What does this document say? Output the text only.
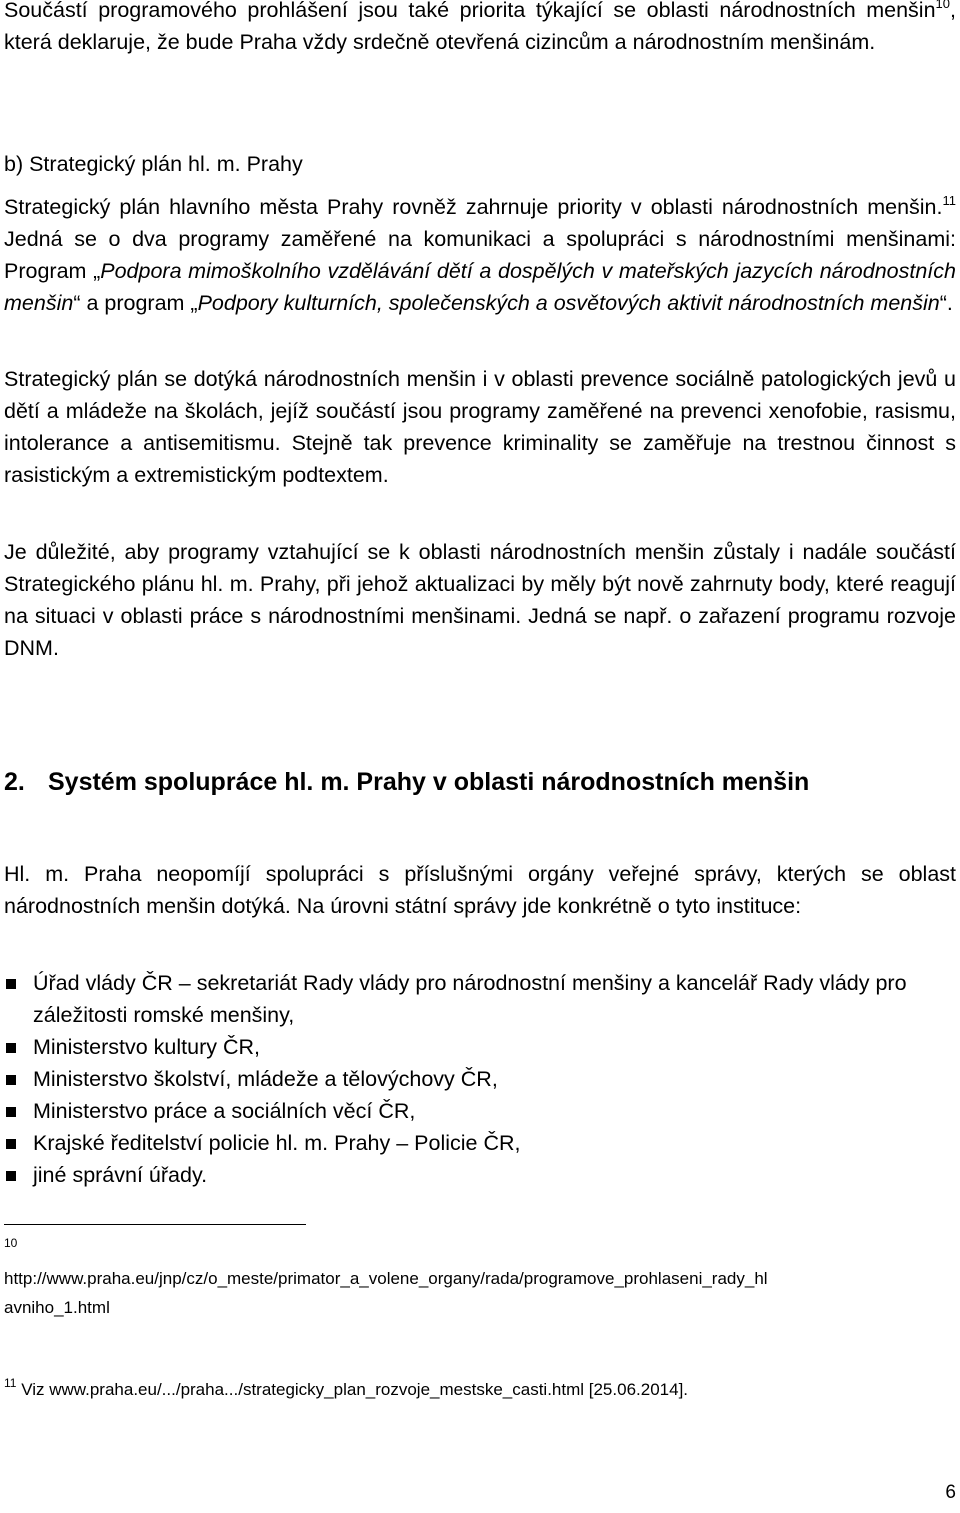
Součástí programového prohlášení jsou také priorita týkající se oblasti národnostních menšin$^{10}$, která deklaruje, že bude Praha vždy srdečně otevřená cizincům a národnostním menšinám.

b) Strategický plán hl. m. Prahy

Strategický plán hlavního města Prahy rovněž zahrnuje priority v oblasti národnostních menšin.$^{11}$ Jedná se o dva programy zaměřené na komunikaci a spolupráci s národnostními menšinami: Program „Podpora mimoškolního vzdělávání dětí a dospělých v mateřských jazycích národnostních menšin“ a program „Podpory kulturních, společenských a osvětových aktivit národnostních menšin“.

Strategický plán se dotýká národnostních menšin i v oblasti prevence sociálně patologických jevů u dětí a mládeže na školách, jejíž součástí jsou programy zaměřené na prevenci xenofobie, rasismu, intolerance a antisemitismu. Stejně tak prevence kriminality se zaměřuje na trestnou činnost s rasistickým a extremistickým podtextem.

Je důležité, aby programy vztahující se k oblasti národnostních menšin zůstaly i nadále součástí Strategického plánu hl. m. Prahy, při jehož aktualizaci by měly být nově zahrnuty body, které reagují na situaci v oblasti práce s národnostními menšinami. Jedná se např. o zařazení programu rozvoje DNM.

2. Systém spolupráce hl. m. Prahy v oblasti národnostních menšin

Hl. m. Praha neopomíjí spolupráci s příslušnými orgány veřejné správy, kterých se oblast národnostních menšin dotýká. Na úrovni státní správy jde konkrétně o tyto instituce:

Úřad vlády ČR – sekretariát Rady vlády pro národnostní menšiny a kancelář Rady vlády pro záležitosti romské menšiny,
Ministerstvo kultury ČR,
Ministerstvo školství, mládeže a tělovýchovy ČR,
Ministerstvo práce a sociálních věcí ČR,
Krajské ředitelství policie hl. m. Prahy – Policie ČR,
jiné správní úřady.
10
http://www.praha.eu/jnp/cz/o_meste/primator_a_volene_organy/rada/programove_prohlaseni_rady_hl
avniho_1.html
$^{11}$ Viz www.praha.eu/.../praha.../strategicky_plan_rozvoje_mestske_casti.html [25.06.2014].
6
